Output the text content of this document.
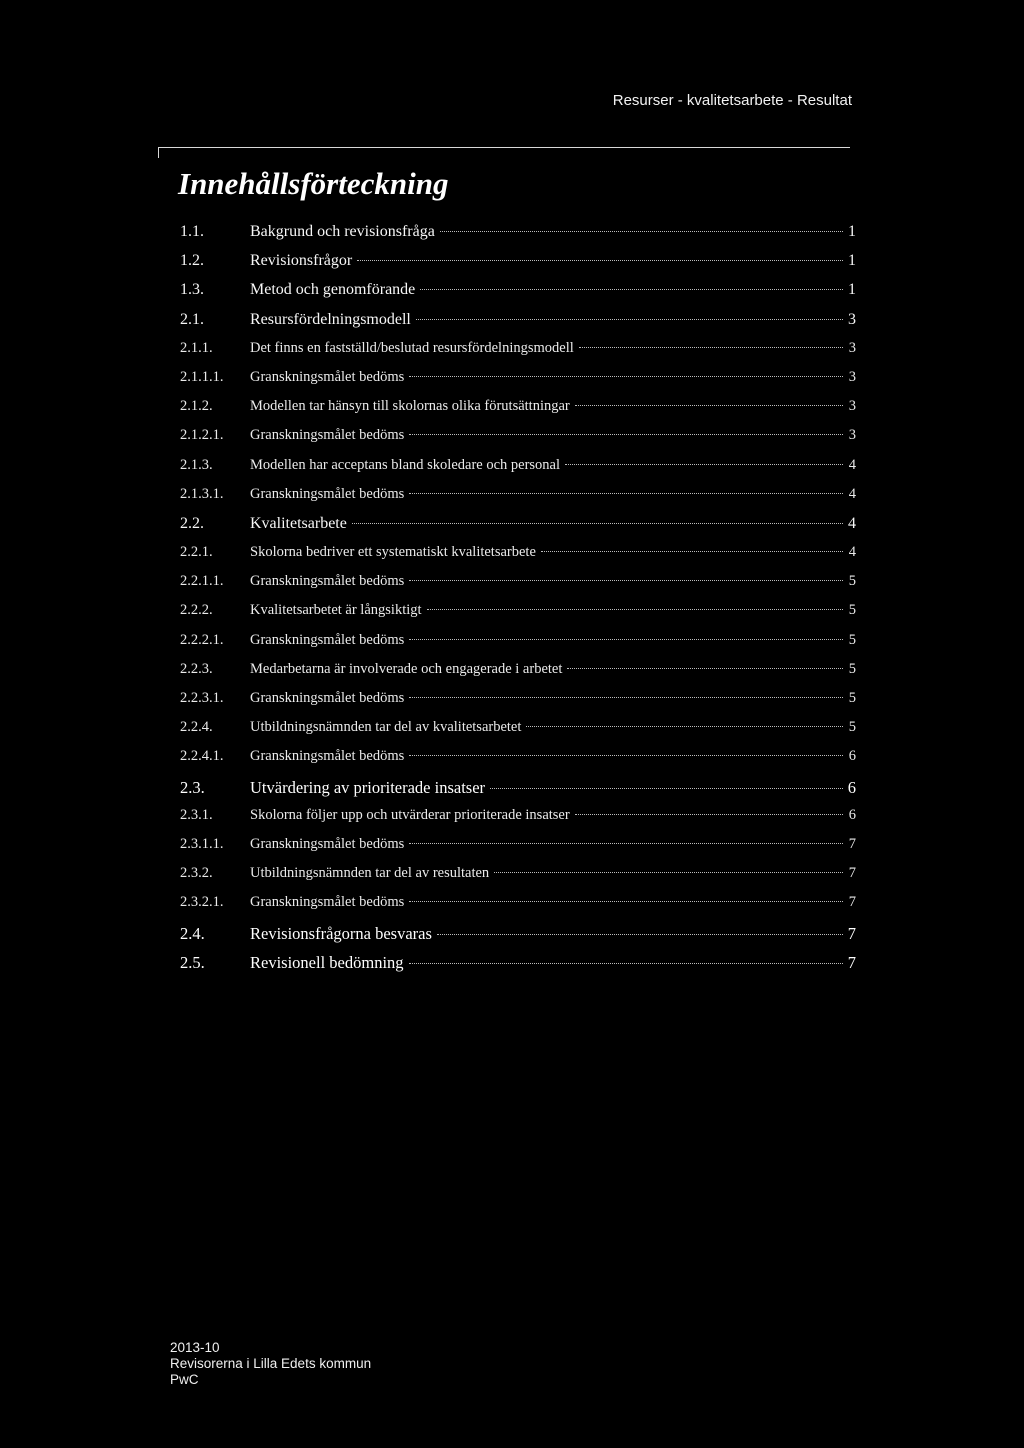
Resurser - kvalitetsarbete - Resultat
Innehållsförteckning
1.1.	Bakgrund och revisionsfråga	1
1.2.	Revisionsfrågor	1
1.3.	Metod och genomförande	1
2.1.	Resursfördelningsmodell	3
2.1.1.	Det finns en fastställd/beslutad resursfördelningsmodell	3
2.1.1.1.	Granskningsmålet bedöms	3
2.1.2.	Modellen tar hänsyn till skolornas olika förutsättningar	3
2.1.2.1.	Granskningsmålet bedöms	3
2.1.3.	Modellen har acceptans bland skoledare och personal	4
2.1.3.1.	Granskningsmålet bedöms	4
2.2.	Kvalitetsarbete	4
2.2.1.	Skolorna bedriver ett systematiskt kvalitetsarbete	4
2.2.1.1.	Granskningsmålet bedöms	5
2.2.2.	Kvalitetsarbetet är långsiktigt	5
2.2.2.1.	Granskningsmålet bedöms	5
2.2.3.	Medarbetarna är involverade och engagerade i arbetet	5
2.2.3.1.	Granskningsmålet bedöms	5
2.2.4.	Utbildningsnämnden tar del av kvalitetsarbetet	5
2.2.4.1.	Granskningsmålet bedöms	6
2.3.	Utvärdering av prioriterade insatser	6
2.3.1.	Skolorna följer upp och utvärderar prioriterade insatser	6
2.3.1.1.	Granskningsmålet bedöms	7
2.3.2.	Utbildningsnämnden tar del av resultaten	7
2.3.2.1.	Granskningsmålet bedöms	7
2.4.	Revisionsfrågorna besvaras	7
2.5.	Revisionell bedömning	7
2013-10
Revisorerna i Lilla Edets kommun
PwC
